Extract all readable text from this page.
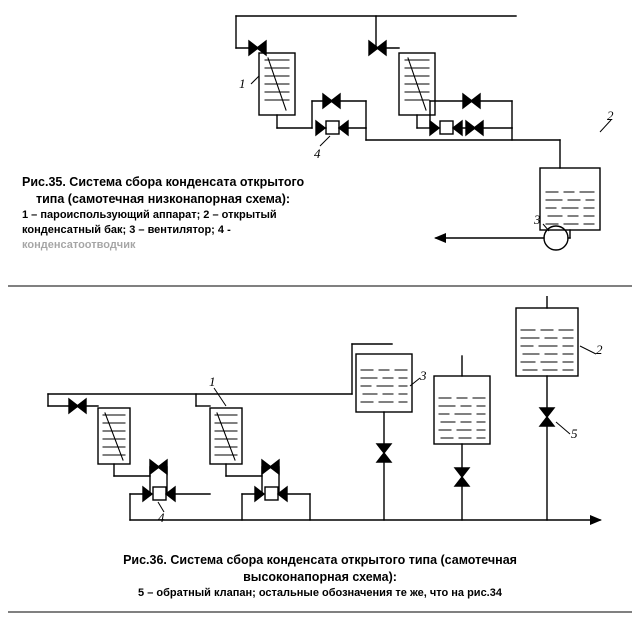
1
2
3
4
Рис.35. Система сбора конденсата открытого
типа (самотечная низконапорная схема):
1 – пароиспользующий аппарат; 2 – открытый
конденсатный бак; 3 – вентилятор; 4 -
конденсатоотводчик
1
2
3
4
5
Рис.36. Система сбора конденсата открытого типа (самотечная
высоконапорная схема):
5 – обратный клапан; остальные обозначения те же, что на рис.34
